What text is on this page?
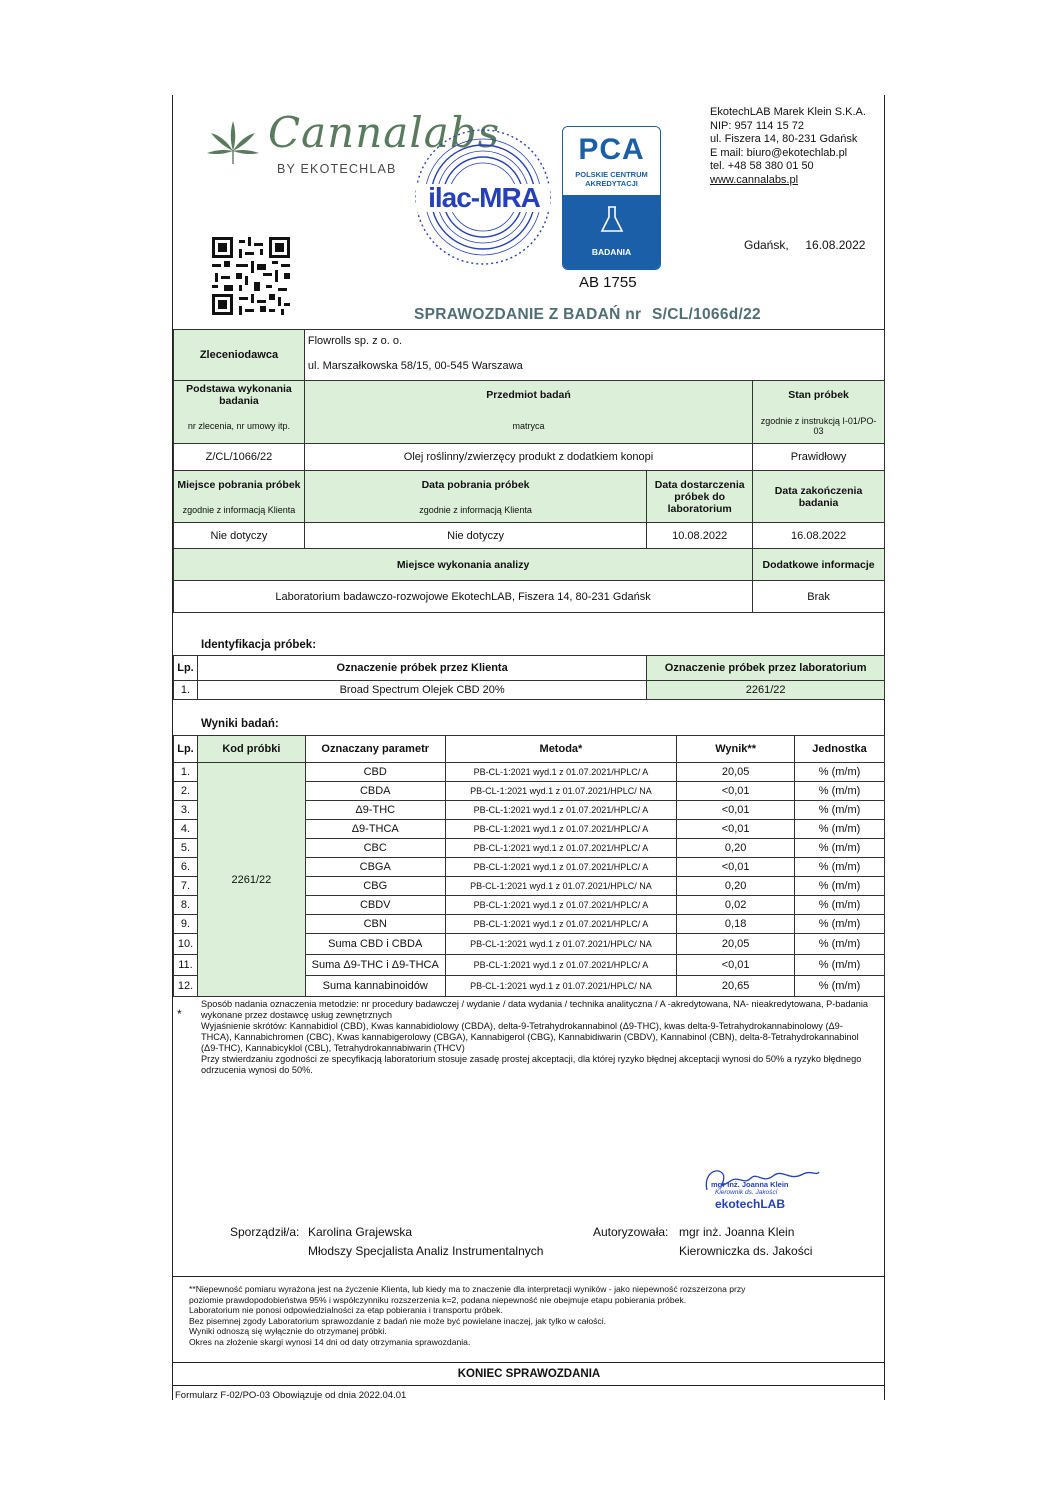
Cannalabs
BY EKOTECHLAB
ilac-MRA
PCA
POLSKIE CENTRUM
AKREDYTACJI
BADANIA
AB 1755
EkotechLAB Marek Klein S.K.A.
NIP: 957 114 15 72
ul. Fiszera 14, 80-231 Gdańsk
E mail: biuro@ekotechlab.pl
tel. +48 58 380 01 50
www.cannalabs.pl
Gdańsk,     16.08.2022
SPRAWOZDANIE Z BADAŃ nr S/CL/1066d/22
Zleceniodawca	Flowrolls sp. z o. o.		
	ul. Marszałkowska 58/15, 00-545 Warszawa		
Podstawa wykonania badania	Przedmiot badań		Stan próbek
nr zlecenia, nr umowy itp.	matryca		zgodnie z instrukcją I-01/PO-03
Z/CL/1066/22	Olej roślinny/zwierzęcy produkt z dodatkiem konopi		Prawidłowy
Miejsce pobrania próbek	Data pobrania próbek	Data dostarczenia próbek do laboratorium	Data zakończenia badania
zgodnie z informacją Klienta	zgodnie z informacją Klienta		
Nie dotyczy	Nie dotyczy	10.08.2022	16.08.2022
Miejsce wykonania analizy			Dodatkowe informacje
Laboratorium badawczo-rozwojowe EkotechLAB, Fiszera 14, 80-231 Gdańsk			Brak
Identyfikacja próbek:
Lp.	Oznaczenie próbek przez Klienta	Oznaczenie próbek przez laboratorium
1.	Broad Spectrum Olejek CBD 20%	2261/22
Wyniki badań:
Lp.	Kod próbki	Oznaczany parametr	Metoda*	Wynik**	Jednostka
1.	2261/22	CBD	PB-CL-1:2021 wyd.1 z 01.07.2021/HPLC/ A	20,05	% (m/m)
2.		CBDA	PB-CL-1:2021 wyd.1 z 01.07.2021/HPLC/ NA	<0,01	% (m/m)
3.		Δ9-THC	PB-CL-1:2021 wyd.1 z 01.07.2021/HPLC/ A	<0,01	% (m/m)
4.		Δ9-THCA	PB-CL-1:2021 wyd.1 z 01.07.2021/HPLC/ A	<0,01	% (m/m)
5.		CBC	PB-CL-1:2021 wyd.1 z 01.07.2021/HPLC/ A	0,20	% (m/m)
6.		CBGA	PB-CL-1:2021 wyd.1 z 01.07.2021/HPLC/ A	<0,01	% (m/m)
7.		CBG	PB-CL-1:2021 wyd.1 z 01.07.2021/HPLC/ NA	0,20	% (m/m)
8.		CBDV	PB-CL-1:2021 wyd.1 z 01.07.2021/HPLC/ A	0,02	% (m/m)
9.		CBN	PB-CL-1:2021 wyd.1 z 01.07.2021/HPLC/ A	0,18	% (m/m)
10.		Suma CBD i CBDA	PB-CL-1:2021 wyd.1 z 01.07.2021/HPLC/ NA	20,05	% (m/m)
11.		Suma Δ9-THC i Δ9-THCA	PB-CL-1:2021 wyd.1 z 01.07.2021/HPLC/ A	<0,01	% (m/m)
12.		Suma kannabinoidów	PB-CL-1:2021 wyd.1 z 01.07.2021/HPLC/ NA	20,65	% (m/m)
*
Sposób nadania oznaczenia metodzie: nr procedury badawczej / wydanie / data wydania / technika analityczna / A -akredytowana, NA- nieakredytowana, P-badania wykonane przez dostawcę usług zewnętrznych
Wyjaśnienie skrótów: Kannabidiol (CBD), Kwas kannabidiolowy (CBDA), delta-9-Tetrahydrokannabinol (Δ9-THC), kwas delta-9-Tetrahydrokannabinolowy (Δ9-THCA), Kannabichromen (CBC), Kwas kannabigerolowy (CBGA), Kannabigerol (CBG), Kannabidiwarin (CBDV), Kannabinol (CBN), delta-8-Tetrahydrokannabinol (Δ9-THC), Kannabicyklol (CBL), Tetrahydrokannabiwarin (THCV)
Przy stwierdzaniu zgodności ze specyfikacją laboratorium stosuje zasadę prostej akceptacji, dla której ryzyko błędnej akceptacji wynosi do 50% a ryzyko błędnego odrzucenia wynosi do 50%.
mgr inż. Joanna Klein
Kierownik ds. Jakości
ekotechLAB
Sporządził/a: Karolina Grajewska
Młodszy Specjalista Analiz Instrumentalnych
Autoryzowała: mgr inż. Joanna Klein
Kierowniczka ds. Jakości
**Niepewność pomiaru wyrażona jest na życzenie Klienta, lub kiedy ma to znaczenie dla interpretacji wyników - jako niepewność rozszerzona przy
poziomie prawdopodobieństwa 95% i współczynniku rozszerzenia k=2, podana niepewność nie obejmuje etapu pobierania próbek.
Laboratorium nie ponosi odpowiedzialności za etap pobierania i transportu próbek.
Bez pisemnej zgody Laboratorium sprawozdanie z badań nie może być powielane inaczej, jak tylko w całości.
Wyniki odnoszą się wyłącznie do otrzymanej próbki.
Okres na złożenie skargi wynosi 14 dni od daty otrzymania sprawozdania.
KONIEC SPRAWOZDANIA
Formularz F-02/PO-03 Obowiązuje od dnia 2022.04.01
